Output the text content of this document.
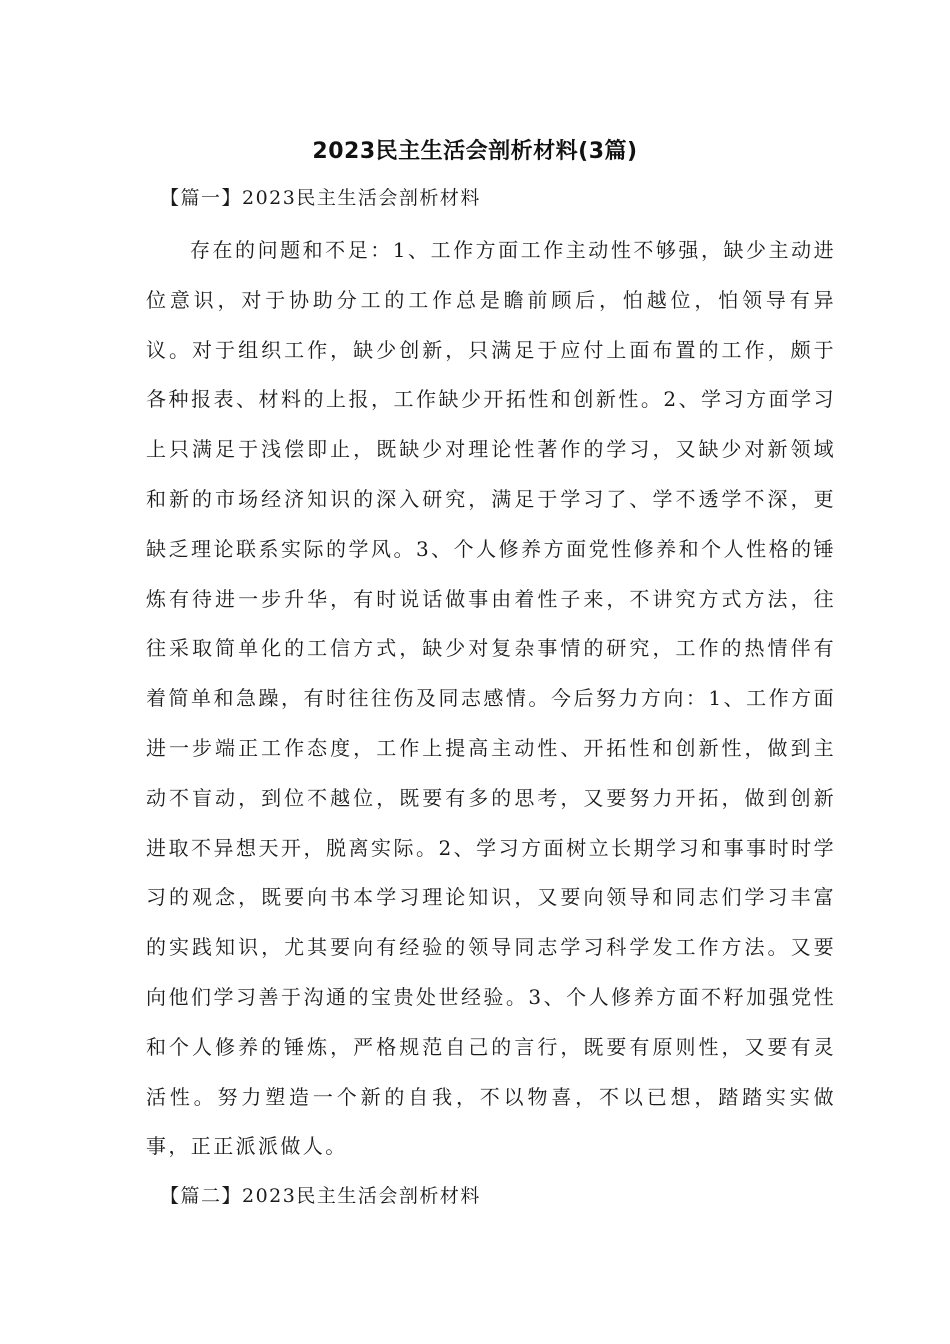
2023民主生活会剖析材料(3篇)
【篇一】2023民主生活会剖析材料

存在的问题和不足：1、工作方面工作主动性不够强，缺少主动进位意识，对于协助分工的工作总是瞻前顾后，怕越位，怕领导有异议。对于组织工作，缺少创新，只满足于应付上面布置的工作，颇于各种报表、材料的上报，工作缺少开拓性和创新性。2、学习方面学习上只满足于浅偿即止，既缺少对理论性著作的学习，又缺少对新领域和新的市场经济知识的深入研究，满足于学习了、学不透学不深，更缺乏理论联系实际的学风。3、个人修养方面党性修养和个人性格的锤炼有待进一步升华，有时说话做事由着性子来，不讲究方式方法，往往采取简单化的工信方式，缺少对复杂事情的研究，工作的热情伴有着简单和急躁，有时往往伤及同志感情。今后努力方向：1、工作方面进一步端正工作态度，工作上提高主动性、开拓性和创新性，做到主动不盲动，到位不越位，既要有多的思考，又要努力开拓，做到创新进取不异想天开，脱离实际。2、学习方面树立长期学习和事事时时学习的观念，既要向书本学习理论知识，又要向领导和同志们学习丰富的实践知识，尤其要向有经验的领导同志学习科学发工作方法。又要向他们学习善于沟通的宝贵处世经验。3、个人修养方面不籽加强党性和个人修养的锤炼，严格规范自己的言行，既要有原则性，又要有灵活性。努力塑造一个新的自我，不以物喜，不以已想，踏踏实实做事，正正派派做人。

【篇二】2023民主生活会剖析材料
